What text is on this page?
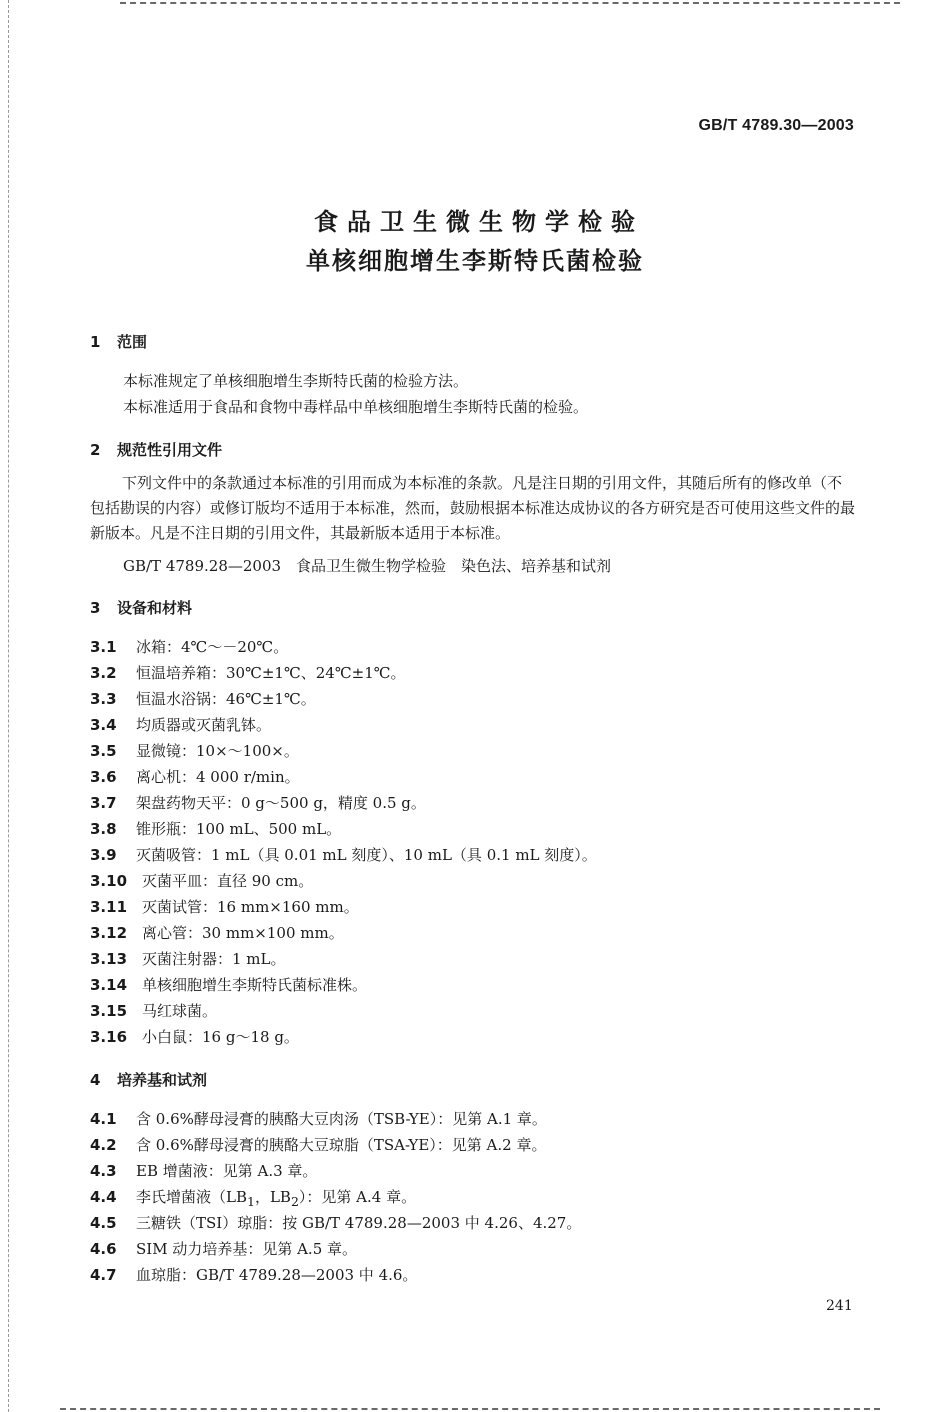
GB/T 4789.30—2003
食品卫生微生物学检验
单核细胞增生李斯特氏菌检验
1 范围
本标准规定了单核细胞增生李斯特氏菌的检验方法。
本标准适用于食品和食物中毒样品中单核细胞增生李斯特氏菌的检验。
2 规范性引用文件
下列文件中的条款通过本标准的引用而成为本标准的条款。凡是注日期的引用文件，其随后所有的修改单（不包括勘误的内容）或修订版均不适用于本标准，然而，鼓励根据本标准达成协议的各方研究是否可使用这些文件的最新版本。凡是不注日期的引用文件，其最新版本适用于本标准。
GB/T 4789.28—2003　食品卫生微生物学检验　染色法、培养基和试剂
3 设备和材料
3.1 冰箱：4℃～－20℃。
3.2 恒温培养箱：30℃±1℃、24℃±1℃。
3.3 恒温水浴锅：46℃±1℃。
3.4 均质器或灭菌乳钵。
3.5 显微镜：10×～100×。
3.6 离心机：4 000 r/min。
3.7 架盘药物天平：0 g～500 g，精度 0.5 g。
3.8 锥形瓶：100 mL、500 mL。
3.9 灭菌吸管：1 mL（具 0.01 mL 刻度）、10 mL（具 0.1 mL 刻度）。
3.10 灭菌平皿：直径 90 cm。
3.11 灭菌试管：16 mm×160 mm。
3.12 离心管：30 mm×100 mm。
3.13 灭菌注射器：1 mL。
3.14 单核细胞增生李斯特氏菌标准株。
3.15 马红球菌。
3.16 小白鼠：16 g～18 g。
4 培养基和试剂
4.1 含 0.6%酵母浸膏的胰酪大豆肉汤（TSB-YE）：见第 A.1 章。
4.2 含 0.6%酵母浸膏的胰酪大豆琼脂（TSA-YE）：见第 A.2 章。
4.3 EB 增菌液：见第 A.3 章。
4.4 李氏增菌液（$LB_1$，$LB_2$）：见第 A.4 章。
4.5 三糖铁（TSI）琼脂：按 GB/T 4789.28—2003 中 4.26、4.27。
4.6 SIM 动力培养基：见第 A.5 章。
4.7 血琼脂：GB/T 4789.28—2003 中 4.6。
241
